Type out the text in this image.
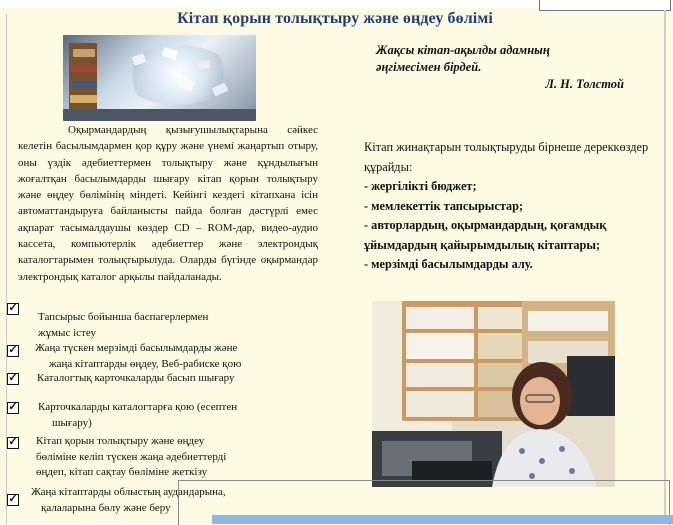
Кітап қорын толықтыру және өңдеу бөлімі
Жақсы кітап-ақылды адамның
әңгімесімен бірдей.
Л. Н. Толстой
Оқырмандардың қызығушылықтарына сәйкес келетін басылымдармен қор құру және үнемі жаңартып отыру, оны үздік әдебиеттермен толықтыру және құндылығын жоғалтқан басылымдарды шығару кітап қорын толықтыру және өңдеу бөлімінің міндеті. Кейінгі кездегі кітапхана ісін автоматтандыруға байланысты пайда болған дәстүрлі емес ақпарат тасымалдаушы көздер CD – ROM-дар, видео-аудио кассета, компьютерлік әдебиеттер және электрондық каталогтарымен толықтырылуда. Оларды бүгінде оқырмандар электрондық каталог арқылы пайдаланады.
Кітап жинақтарын толықтыруды бірнеше дереккөздер құрайды:
- жергілікті бюджет;
- мемлекеттік тапсырыстар;
- авторлардың, оқырмандардың, қоғамдық ұйымдардың қайырымдылық кітаптары;
- мерзімді басылымдарды алу.
✓
Тапсырыс бойынша баспагерлермен
жұмыс істеу
✓ Жаңа түскен мерзімді басылымдарды және
жаңа кітаптарды өңдеу, Веб-рабиске қою
✓ Каталогтық карточкаларды басып шығару
✓ Карточкаларды каталогтарға қою (есептен
шығару)
✓ Кітап қорын толықтыру және өңдеу
бөліміне келіп түскен жаңа әдебиеттерді
өңдеп, кітап сақтау бөліміне жеткізу
✓
Жаңа кітаптарды облыстың аудандарына,
қалаларына бөлу және беру
